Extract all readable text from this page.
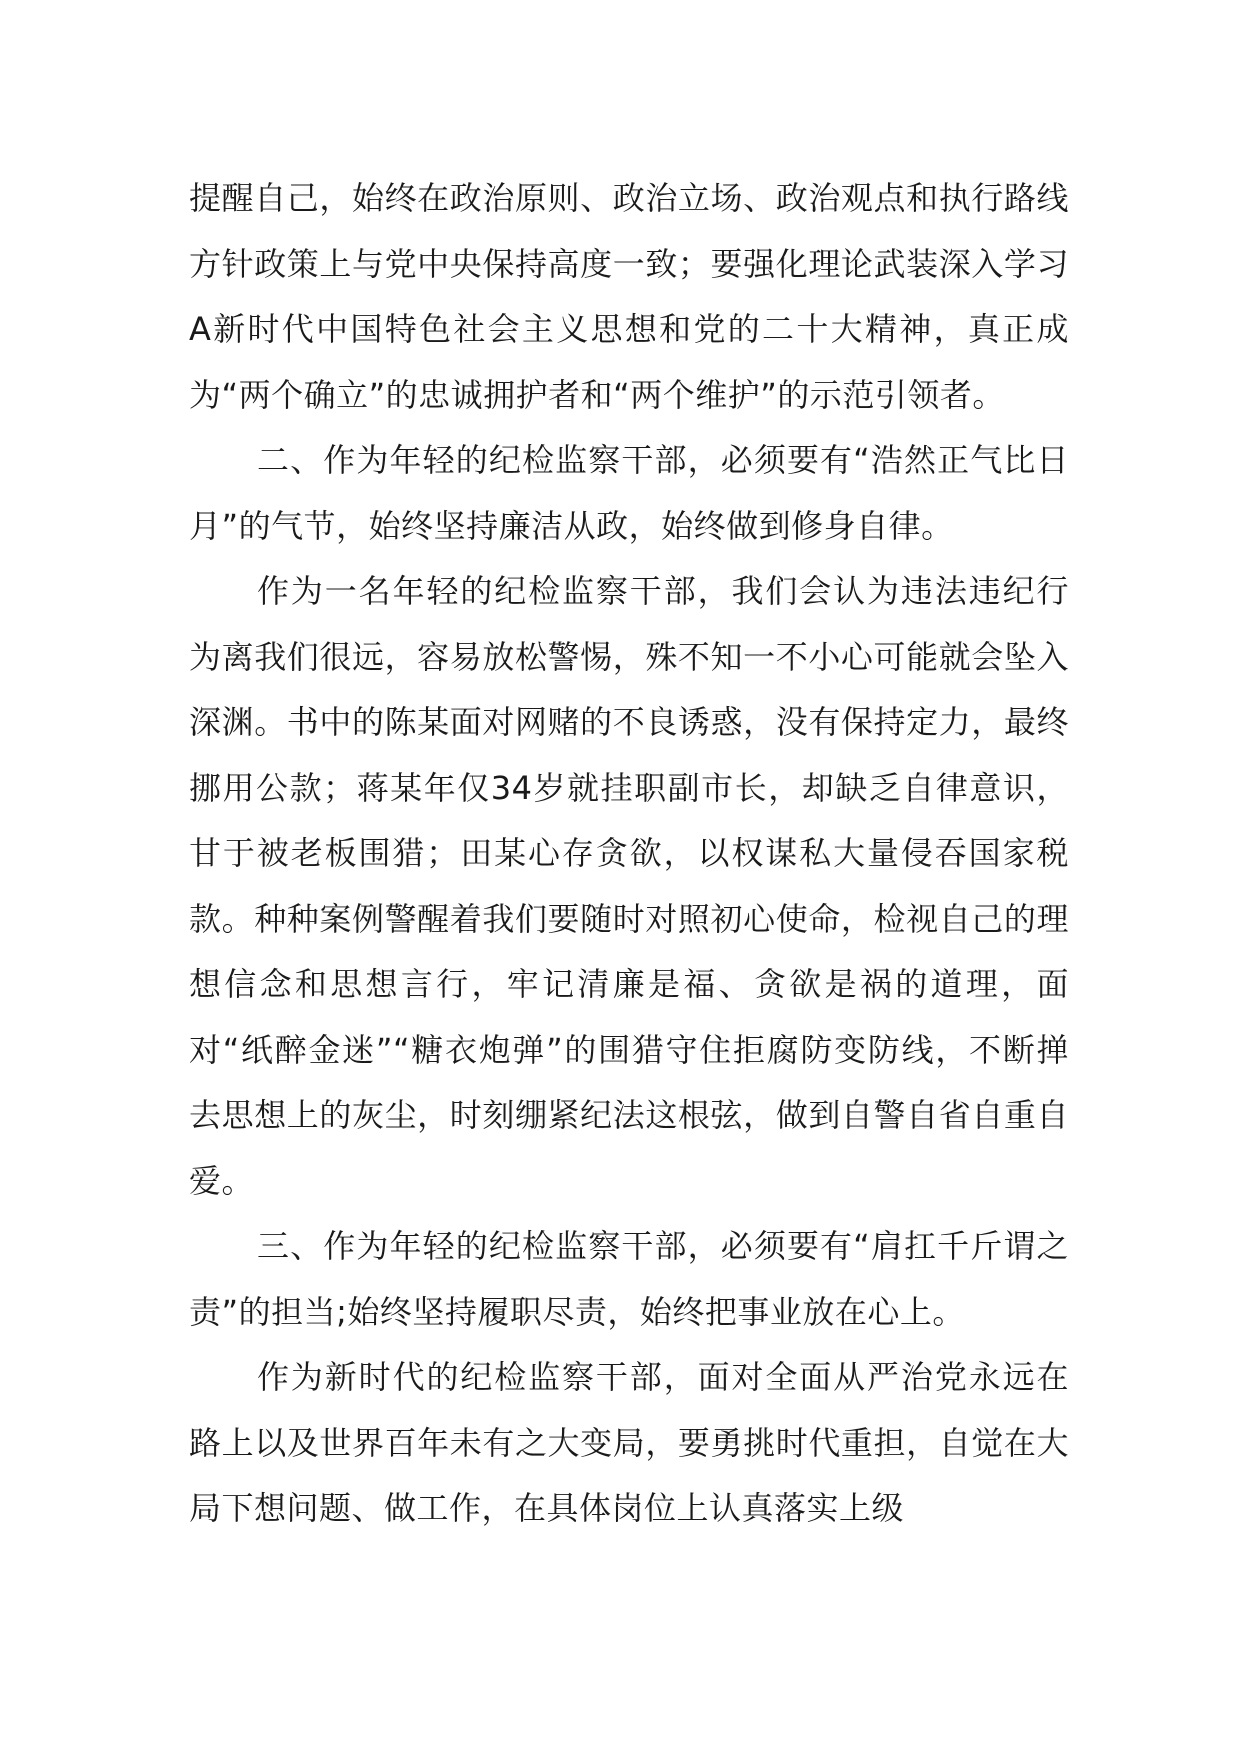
提醒自己，始终在政治原则、政治立场、政治观点和执行路线方针政策上与党中央保持高度一致；要强化理论武装深入学习A新时代中国特色社会主义思想和党的二十大精神，真正成为“两个确立”的忠诚拥护者和“两个维护”的示范引领者。

二、作为年轻的纪检监察干部，必须要有“浩然正气比日月”的气节，始终坚持廉洁从政，始终做到修身自律。

作为一名年轻的纪检监察干部，我们会认为违法违纪行为离我们很远，容易放松警惕，殊不知一不小心可能就会坠入深渊。书中的陈某面对网赌的不良诱惑，没有保持定力，最终挪用公款；蒋某年仅34岁就挂职副市长，却缺乏自律意识，甘于被老板围猎；田某心存贪欲，以权谋私大量侵吞国家税款。种种案例警醒着我们要随时对照初心使命，检视自己的理想信念和思想言行，牢记清廉是福、贪欲是祸的道理，面对“纸醉金迷”“糖衣炮弹”的围猎守住拒腐防变防线，不断掸去思想上的灰尘，时刻绷紧纪法这根弦，做到自警自省自重自爱。

三、作为年轻的纪检监察干部，必须要有“肩扛千斤谓之责”的担当;始终坚持履职尽责，始终把事业放在心上。

作为新时代的纪检监察干部，面对全面从严治党永远在路上以及世界百年未有之大变局，要勇挑时代重担，自觉在大局下想问题、做工作，在具体岗位上认真落实上级
